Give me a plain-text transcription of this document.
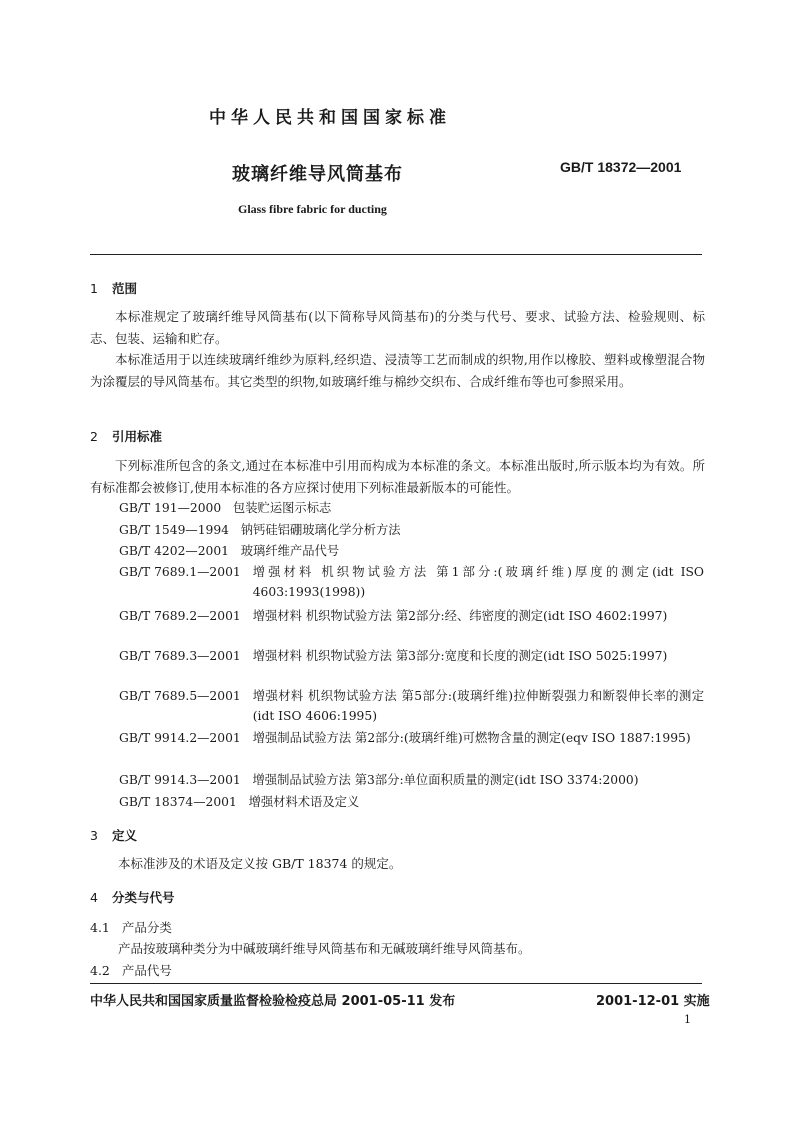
中华人民共和国国家标准
玻璃纤维导风筒基布	GB/T 18372—2001
Glass fibre fabric for ducting
1 范围
本标准规定了玻璃纤维导风筒基布(以下简称导风筒基布)的分类与代号、要求、试验方法、检验规则、标志、包装、运输和贮存。
本标准适用于以连续玻璃纤维纱为原料,经织造、浸渍等工艺而制成的织物,用作以橡胶、塑料或橡塑混合物为涂覆层的导风筒基布。其它类型的织物,如玻璃纤维与棉纱交织布、合成纤维布等也可参照采用。
2 引用标准
下列标准所包含的条文,通过在本标准中引用而构成为本标准的条文。本标准出版时,所示版本均为有效。所有标准都会被修订,使用本标准的各方应探讨使用下列标准最新版本的可能性。
GB/T 191—2000 包装贮运图示标志
GB/T 1549—1994 钠钙硅铝硼玻璃化学分析方法
GB/T 4202—2001 玻璃纤维产品代号
GB/T 7689.1—2001 增强材料 机织物试验方法 第1部分:(玻璃纤维)厚度的测定(idt ISO 4603:1993(1998))
GB/T 7689.2—2001 增强材料 机织物试验方法 第2部分:经、纬密度的测定(idt ISO 4602:1997)
GB/T 7689.3—2001 增强材料 机织物试验方法 第3部分:宽度和长度的测定(idt ISO 5025:1997)
GB/T 7689.5—2001 增强材料 机织物试验方法 第5部分:(玻璃纤维)拉伸断裂强力和断裂伸长率的测定(idt ISO 4606:1995)
GB/T 9914.2—2001 增强制品试验方法 第2部分:(玻璃纤维)可燃物含量的测定(eqv ISO 1887:1995)
GB/T 9914.3—2001 增强制品试验方法 第3部分:单位面积质量的测定(idt ISO 3374:2000)
GB/T 18374—2001 增强材料术语及定义
3 定义
本标准涉及的术语及定义按 GB/T 18374 的规定。
4 分类与代号
4.1 产品分类
产品按玻璃种类分为中碱玻璃纤维导风筒基布和无碱玻璃纤维导风筒基布。
4.2 产品代号
中华人民共和国国家质量监督检验检疫总局 2001-05-11 发布	2001-12-01 实施
1
